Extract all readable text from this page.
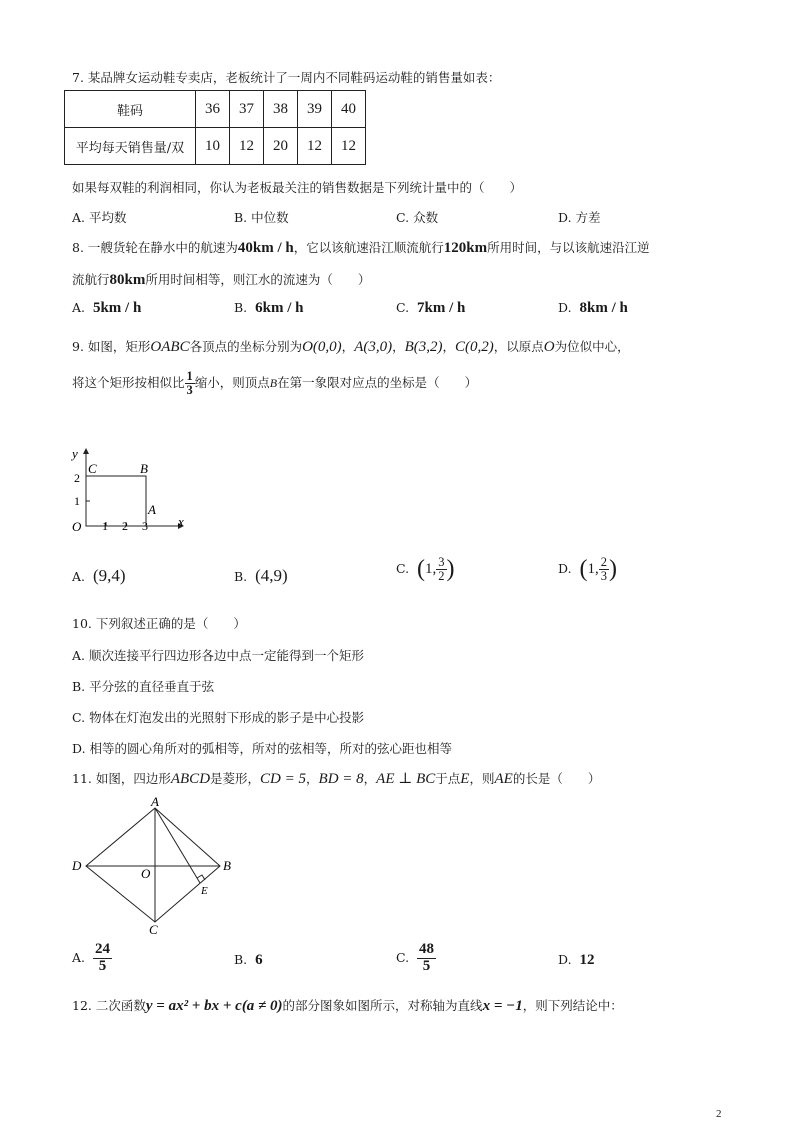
7. 某品牌女运动鞋专卖店，老板统计了一周内不同鞋码运动鞋的销售量如表：
鞋码	36	37	38	39	40
平均每天销售量/双	10	12	20	12	12
如果每双鞋的利润相同，你认为老板最关注的销售数据是下列统计量中的（　　）
A. 平均数	B. 中位数	C. 众数	D. 方差
8. 一艘货轮在静水中的航速为40km / h，它以该航速沿江顺流航行120km所用时间，与以该航速沿江逆
流航行80km所用时间相等，则江水的流速为（　　）
A. 5km / h	B. 6km / h	C. 7km / h	D. 8km / h
9. 如图，矩形OABC各顶点的坐标分别为O(0,0)，A(3,0)，B(3,2)，C(0,2)，以原点O为位似中心，
将这个矩形按相似比 $\frac{1}{3}$ 缩小，则顶点B在第一象限对应点的坐标是（　　）
y
x
O 1 2 3
1
2
C	B
A
A. (9,4)	B. (4,9)	C. (1, $\frac{3}{2}$ )	D. (1, $\frac{2}{3}$ )
10. 下列叙述正确的是（　　）
A. 顺次连接平行四边形各边中点一定能得到一个矩形
B. 平分弦的直径垂直于弦
C. 物体在灯泡发出的光照射下形成的影子是中心投影
D. 相等的圆心角所对的弧相等，所对的弦相等，所对的弦心距也相等
11. 如图，四边形ABCD是菱形，CD = 5，BD = 8，AE ⊥ BC于点E，则AE的长是（　　）
A
B
C
D
O
E
A. $\frac{24}{5}$	B. 6	C. $\frac{48}{5}$	D. 12
12. 二次函数y = ax² + bx + c(a ≠ 0)的部分图象如图所示，对称轴为直线x = −1，则下列结论中：
2
